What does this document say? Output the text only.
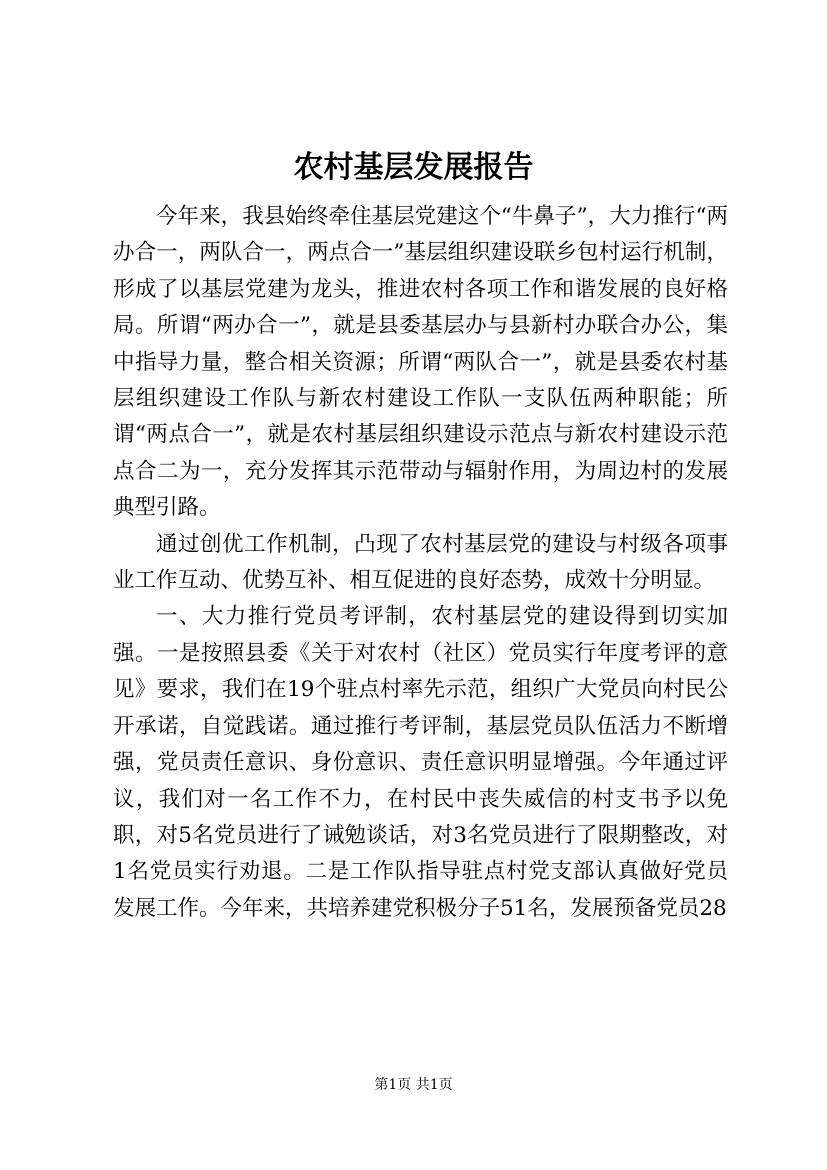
农村基层发展报告

今年来，我县始终牵住基层党建这个“牛鼻子”，大力推行“两办合一，两队合一，两点合一”基层组织建设联乡包村运行机制，形成了以基层党建为龙头，推进农村各项工作和谐发展的良好格局。所谓“两办合一”，就是县委基层办与县新村办联合办公，集中指导力量，整合相关资源；所谓“两队合一”，就是县委农村基层组织建设工作队与新农村建设工作队一支队伍两种职能；所谓“两点合一”，就是农村基层组织建设示范点与新农村建设示范点合二为一，充分发挥其示范带动与辐射作用，为周边村的发展典型引路。

通过创优工作机制，凸现了农村基层党的建设与村级各项事业工作互动、优势互补、相互促进的良好态势，成效十分明显。

一、大力推行党员考评制，农村基层党的建设得到切实加强。一是按照县委《关于对农村（社区）党员实行年度考评的意见》要求，我们在19个驻点村率先示范，组织广大党员向村民公开承诺，自觉践诺。通过推行考评制，基层党员队伍活力不断增强，党员责任意识、身份意识、责任意识明显增强。今年通过评议，我们对一名工作不力，在村民中丧失威信的村支书予以免职，对5名党员进行了诫勉谈话，对3名党员进行了限期整改，对1名党员实行劝退。二是工作队指导驻点村党支部认真做好党员发展工作。今年来，共培养建党积极分子51名，发展预备党员28

第1页 共1页
